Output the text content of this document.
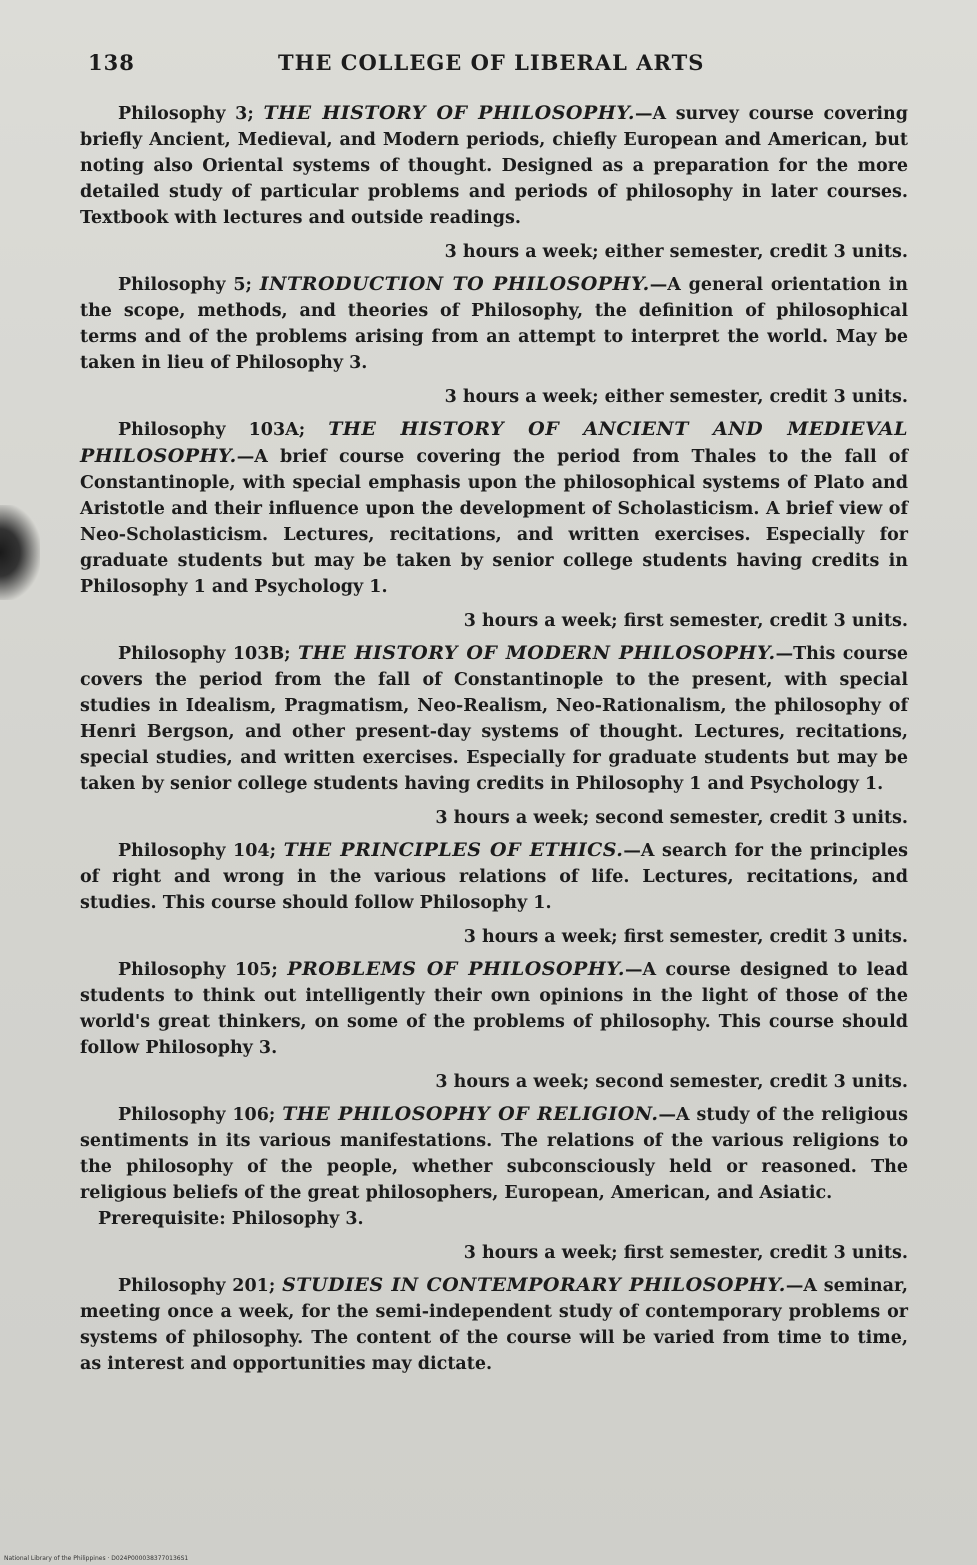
138	THE COLLEGE OF LIBERAL ARTS

Philosophy 3; THE HISTORY OF PHILOSOPHY.—A survey course covering briefly Ancient, Medieval, and Modern periods, chiefly European and American, but noting also Oriental systems of thought. Designed as a preparation for the more detailed study of particular problems and periods of philosophy in later courses. Textbook with lectures and outside readings.

3 hours a week; either semester, credit 3 units.

Philosophy 5; INTRODUCTION TO PHILOSOPHY.—A general orientation in the scope, methods, and theories of Philosophy, the definition of philosophical terms and of the problems arising from an attempt to interpret the world. May be taken in lieu of Philosophy 3.

3 hours a week; either semester, credit 3 units.

Philosophy 103A; THE HISTORY OF ANCIENT AND MEDIEVAL PHILOSOPHY.—A brief course covering the period from Thales to the fall of Constantinople, with special emphasis upon the philosophical systems of Plato and Aristotle and their influence upon the development of Scholasticism. A brief view of Neo-Scholasticism. Lectures, recitations, and written exercises. Especially for graduate students but may be taken by senior college students having credits in Philosophy 1 and Psychology 1.

3 hours a week; first semester, credit 3 units.

Philosophy 103B; THE HISTORY OF MODERN PHILOSOPHY.—This course covers the period from the fall of Constantinople to the present, with special studies in Idealism, Pragmatism, Neo-Realism, Neo-Rationalism, the philosophy of Henri Bergson, and other present-day systems of thought. Lectures, recitations, special studies, and written exercises. Especially for graduate students but may be taken by senior college students having credits in Philosophy 1 and Psychology 1.

3 hours a week; second semester, credit 3 units.

Philosophy 104; THE PRINCIPLES OF ETHICS.—A search for the principles of right and wrong in the various relations of life. Lectures, recitations, and studies. This course should follow Philosophy 1.

3 hours a week; first semester, credit 3 units.

Philosophy 105; PROBLEMS OF PHILOSOPHY.—A course designed to lead students to think out intelligently their own opinions in the light of those of the world's great thinkers, on some of the problems of philosophy. This course should follow Philosophy 3.

3 hours a week; second semester, credit 3 units.

Philosophy 106; THE PHILOSOPHY OF RELIGION.—A study of the religious sentiments in its various manifestations. The relations of the various religions to the philosophy of the people, whether subconsciously held or reasoned. The religious beliefs of the great philosophers, European, American, and Asiatic.

Prerequisite: Philosophy 3.

3 hours a week; first semester, credit 3 units.

Philosophy 201; STUDIES IN CONTEMPORARY PHILOSOPHY.—A seminar, meeting once a week, for the semi-independent study of contemporary problems or systems of philosophy. The content of the course will be varied from time to time, as interest and opportunities may dictate.

National Library of the Philippines · D024P0000383770136S1
